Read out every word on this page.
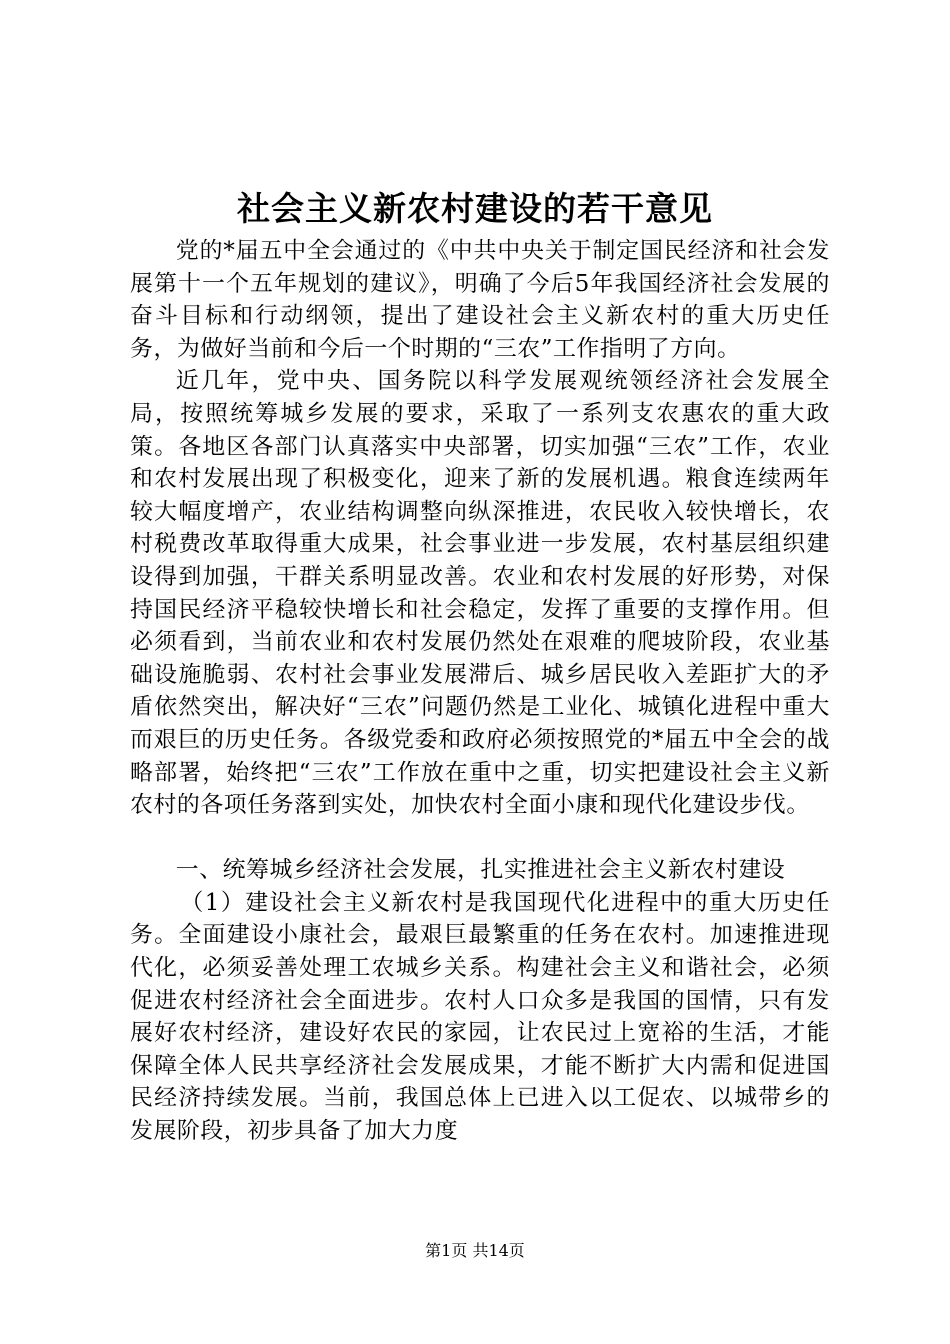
社会主义新农村建设的若干意见

党的*届五中全会通过的《中共中央关于制定国民经济和社会发展第十一个五年规划的建议》，明确了今后5年我国经济社会发展的奋斗目标和行动纲领，提出了建设社会主义新农村的重大历史任务，为做好当前和今后一个时期的“三农”工作指明了方向。

近几年，党中央、国务院以科学发展观统领经济社会发展全局，按照统筹城乡发展的要求，采取了一系列支农惠农的重大政策。各地区各部门认真落实中央部署，切实加强“三农”工作，农业和农村发展出现了积极变化，迎来了新的发展机遇。粮食连续两年较大幅度增产，农业结构调整向纵深推进，农民收入较快增长，农村税费改革取得重大成果，社会事业进一步发展，农村基层组织建设得到加强，干群关系明显改善。农业和农村发展的好形势，对保持国民经济平稳较快增长和社会稳定，发挥了重要的支撑作用。但必须看到，当前农业和农村发展仍然处在艰难的爬坡阶段，农业基础设施脆弱、农村社会事业发展滞后、城乡居民收入差距扩大的矛盾依然突出，解决好“三农”问题仍然是工业化、城镇化进程中重大而艰巨的历史任务。各级党委和政府必须按照党的*届五中全会的战略部署，始终把“三农”工作放在重中之重，切实把建设社会主义新农村的各项任务落到实处，加快农村全面小康和现代化建设步伐。

一、统筹城乡经济社会发展，扎实推进社会主义新农村建设

（1）建设社会主义新农村是我国现代化进程中的重大历史任务。全面建设小康社会，最艰巨最繁重的任务在农村。加速推进现代化，必须妥善处理工农城乡关系。构建社会主义和谐社会，必须促进农村经济社会全面进步。农村人口众多是我国的国情，只有发展好农村经济，建设好农民的家园，让农民过上宽裕的生活，才能保障全体人民共享经济社会发展成果，才能不断扩大内需和促进国民经济持续发展。当前，我国总体上已进入以工促农、以城带乡的发展阶段，初步具备了加大力度

第1页 共14页
